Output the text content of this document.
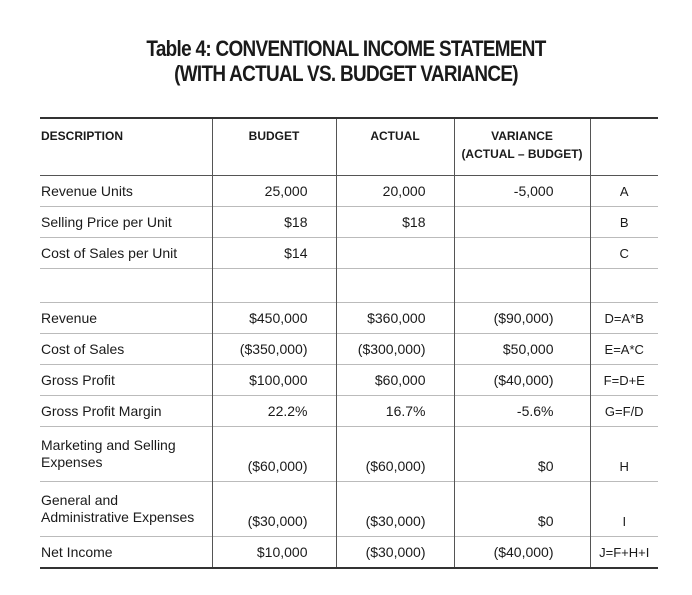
Table 4: CONVENTIONAL INCOME STATEMENT
(WITH ACTUAL VS. BUDGET VARIANCE)
DESCRIPTION	BUDGET	ACTUAL	VARIANCE
(ACTUAL – BUDGET)	

Revenue Units	25,000	20,000	-5,000	A
Selling Price per Unit	$18	$18		B
Cost of Sales per Unit	$14			C

Revenue	$450,000	$360,000	($90,000)	D=A*B
Cost of Sales	($350,000)	($300,000)	$50,000	E=A*C
Gross Profit	$100,000	$60,000	($40,000)	F=D+E
Gross Profit Margin	22.2%	16.7%	-5.6%	G=F/D

Marketing and Selling
Expenses	($60,000)	($60,000)	$0	H

General and
Administrative Expenses	($30,000)	($30,000)	$0	I
Net Income	$10,000	($30,000)	($40,000)	J=F+H+I
